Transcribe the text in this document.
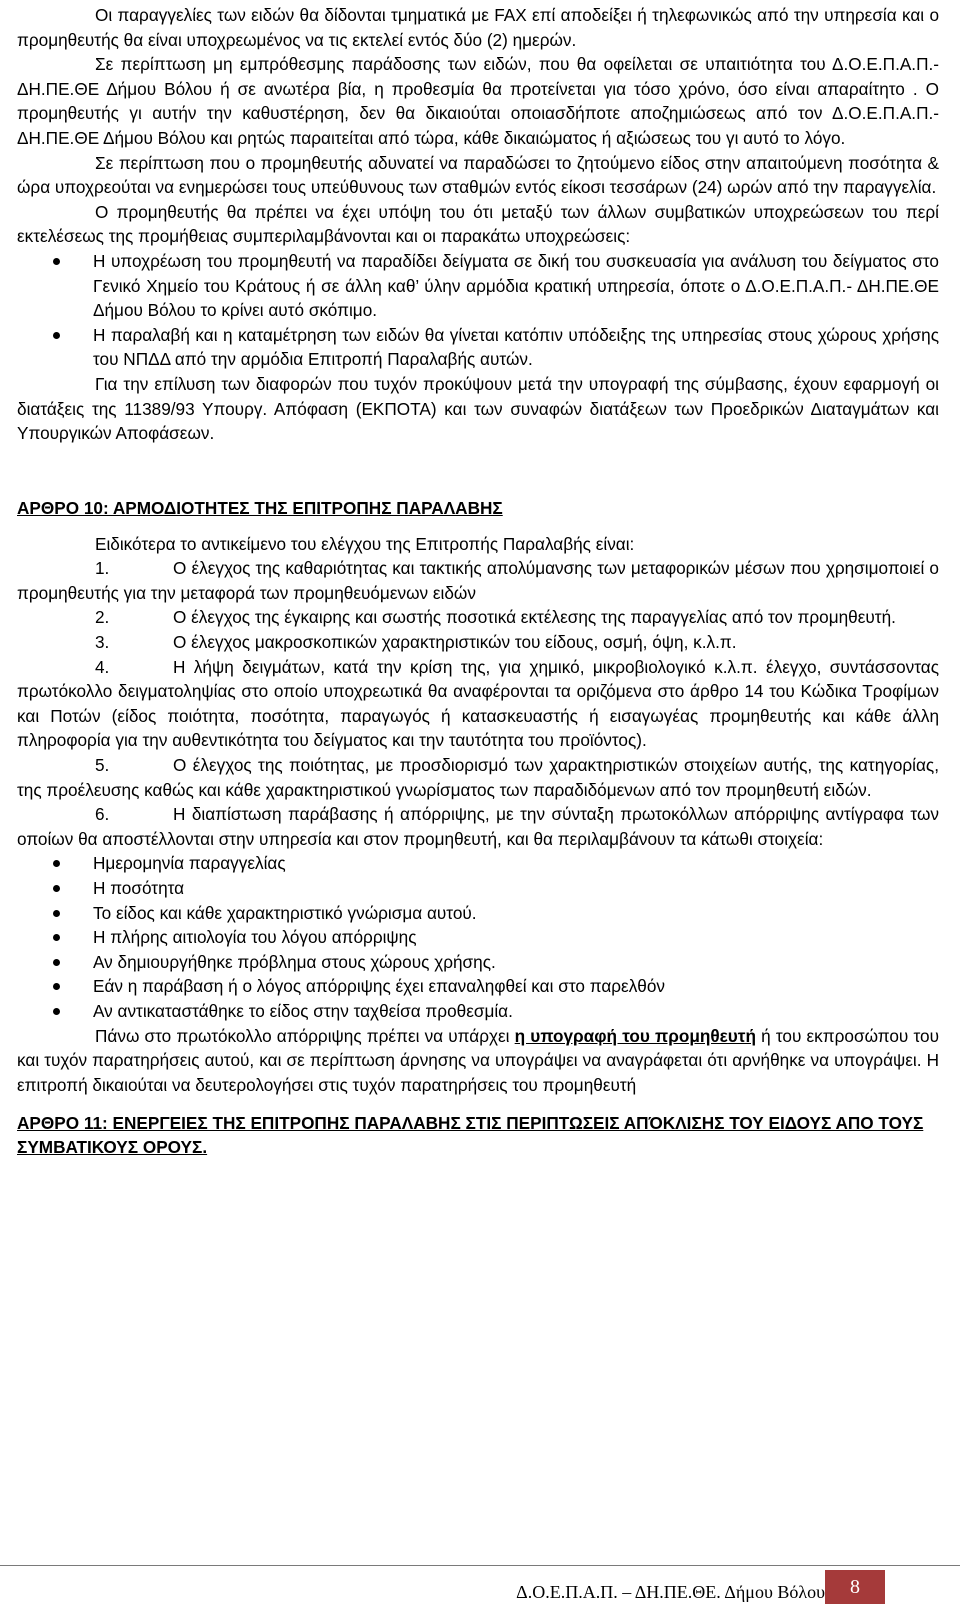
Οι παραγγελίες των ειδών θα δίδονται τμηματικά με FAX επί αποδείξει ή τηλεφωνικώς από την υπηρεσία και ο προμηθευτής θα είναι υποχρεωμένος να τις εκτελεί εντός δύο (2) ημερών.

Σε περίπτωση μη εμπρόθεσμης παράδοσης των ειδών, που θα οφείλεται σε υπαιτιότητα του Δ.Ο.Ε.Π.Α.Π.- ΔΗ.ΠΕ.ΘΕ Δήμου Βόλου ή σε ανωτέρα βία, η προθεσμία θα προτείνεται για τόσο χρόνο, όσο είναι απαραίτητο . Ο προμηθευτής γι αυτήν την καθυστέρηση, δεν θα δικαιούται οποιασδήποτε αποζημιώσεως από τον Δ.Ο.Ε.Π.Α.Π.- ΔΗ.ΠΕ.ΘΕ Δήμου Βόλου και ρητώς παραιτείται από τώρα, κάθε δικαιώματος ή αξιώσεως του γι αυτό το λόγο.

Σε περίπτωση που ο προμηθευτής αδυνατεί να παραδώσει το ζητούμενο είδος στην απαιτούμενη ποσότητα & ώρα υποχρεούται να ενημερώσει τους υπεύθυνους των σταθμών εντός είκοσι τεσσάρων (24) ωρών από την παραγγελία.

Ο προμηθευτής θα πρέπει να έχει υπόψη του ότι μεταξύ των άλλων συμβατικών υποχρεώσεων του περί εκτελέσεως της προμήθειας συμπεριλαμβάνονται και οι παρακάτω υποχρεώσεις:

Η υποχρέωση του προμηθευτή να παραδίδει δείγματα σε δική του συσκευασία για ανάλυση του δείγματος στο Γενικό Χημείο του Κράτους ή σε άλλη καθ’ ύλην αρμόδια κρατική υπηρεσία, όποτε ο Δ.Ο.Ε.Π.Α.Π.- ΔΗ.ΠΕ.ΘΕ Δήμου Βόλου το κρίνει αυτό σκόπιμο.
Η παραλαβή και η καταμέτρηση των ειδών θα γίνεται κατόπιν υπόδειξης της υπηρεσίας στους χώρους χρήσης του ΝΠΔΔ από την αρμόδια Επιτροπή Παραλαβής αυτών.

Για την επίλυση των διαφορών που τυχόν προκύψουν μετά την υπογραφή της σύμβασης, έχουν εφαρμογή οι διατάξεις της 11389/93 Υπουργ. Απόφαση (ΕΚΠΟΤΑ) και των συναφών διατάξεων των Προεδρικών Διαταγμάτων και Υπουργικών Αποφάσεων.

ΑΡΘΡΟ 10: ΑΡΜΟΔΙΟΤΗΤΕΣ ΤΗΣ ΕΠΙΤΡΟΠΗΣ ΠΑΡΑΛΑΒΗΣ

Ειδικότερα το αντικείμενο του ελέγχου της Επιτροπής Παραλαβής είναι:

1.	Ο έλεγχος της καθαριότητας και τακτικής απολύμανσης των μεταφορικών μέσων που χρησιμοποιεί ο προμηθευτής για την μεταφορά των προμηθευόμενων ειδών

2.	Ο έλεγχος της έγκαιρης και σωστής ποσοτικά εκτέλεσης της παραγγελίας από τον προμηθευτή.

3.	Ο έλεγχος μακροσκοπικών χαρακτηριστικών του είδους, οσμή, όψη, κ.λ.π.

4.	Η λήψη δειγμάτων, κατά την κρίση της, για χημικό, μικροβιολογικό κ.λ.π. έλεγχο, συντάσσοντας πρωτόκολλο δειγματοληψίας στο οποίο υποχρεωτικά θα αναφέρονται τα οριζόμενα στο άρθρο 14 του Κώδικα Τροφίμων και Ποτών (είδος ποιότητα, ποσότητα, παραγωγός ή κατασκευαστής ή εισαγωγέας προμηθευτής και κάθε άλλη πληροφορία για την αυθεντικότητα του δείγματος και την ταυτότητα του προϊόντος).

5.	Ο έλεγχος της ποιότητας, με προσδιορισμό των χαρακτηριστικών στοιχείων αυτής, της κατηγορίας, της προέλευσης καθώς και κάθε χαρακτηριστικού γνωρίσματος των παραδιδόμενων από τον προμηθευτή ειδών.

6.	Η διαπίστωση παράβασης ή απόρριψης, με την σύνταξη πρωτοκόλλων απόρριψης αντίγραφα των οποίων θα αποστέλλονται στην υπηρεσία και στον προμηθευτή, και θα περιλαμβάνουν τα κάτωθι στοιχεία:

Ημερομηνία παραγγελίας
Η ποσότητα
Το είδος και κάθε χαρακτηριστικό γνώρισμα αυτού.
Η πλήρης αιτιολογία του λόγου απόρριψης
Αν δημιουργήθηκε πρόβλημα στους χώρους χρήσης.
Εάν η παράβαση ή ο λόγος απόρριψης έχει επαναληφθεί και στο παρελθόν
Αν αντικαταστάθηκε το είδος στην ταχθείσα προθεσμία.

Πάνω στο πρωτόκολλο απόρριψης πρέπει να υπάρχει η υπογραφή του προμηθευτή ή του εκπροσώπου του και τυχόν παρατηρήσεις αυτού, και σε περίπτωση άρνησης να υπογράψει να αναγράφεται ότι αρνήθηκε να υπογράψει. Η επιτροπή δικαιούται να δευτερολογήσει στις τυχόν παρατηρήσεις του προμηθευτή

ΑΡΘΡΟ 11: ΕΝΕΡΓΕΙΕΣ ΤΗΣ ΕΠΙΤΡΟΠΗΣ ΠΑΡΑΛΑΒΗΣ ΣΤΙΣ ΠΕΡΙΠΤΩΣΕΙΣ ΑΠΌΚΛΙΣΗΣ ΤΟΥ ΕΙΔΟΥΣ ΑΠΟ ΤΟΥΣ ΣΥΜΒΑΤΙΚΟΥΣ ΟΡΟΥΣ.

Δ.Ο.Ε.Π.Α.Π. – ΔΗ.ΠΕ.ΘΕ. Δήμου Βόλου	8
